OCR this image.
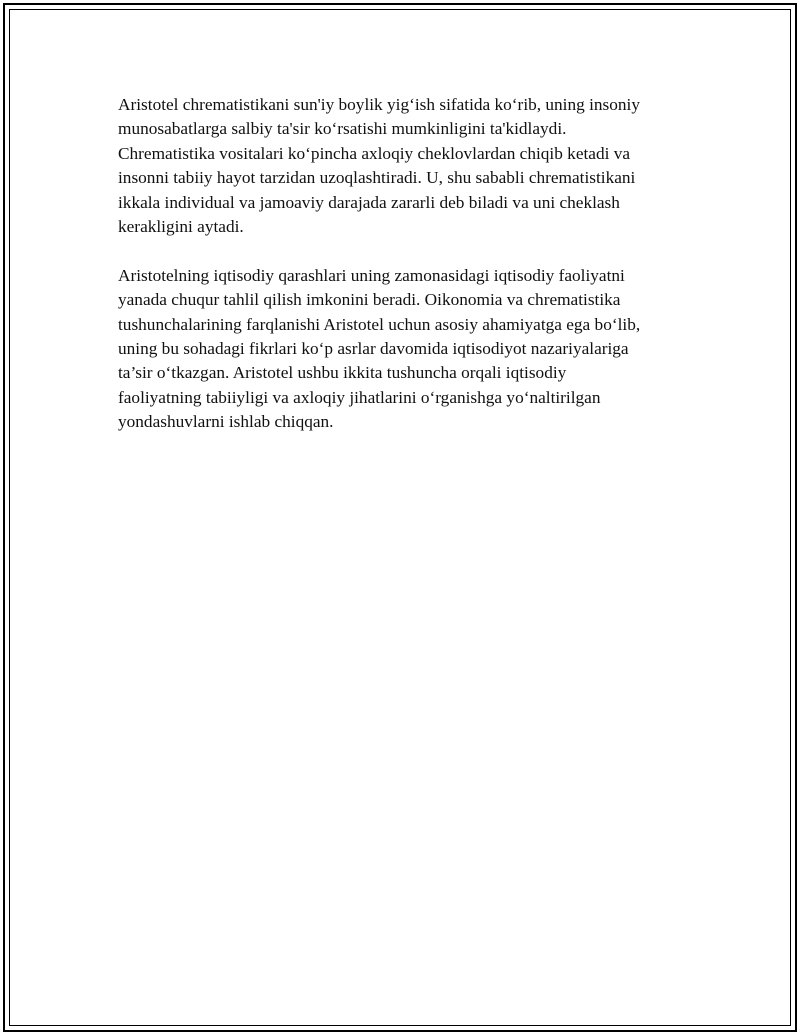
Aristotel chrematistikani sun'iy boylik yig‘ish sifatida ko‘rib, uning insoniy
munosabatlarga salbiy ta'sir ko‘rsatishi mumkinligini ta'kidlaydi.
Chrematistika vositalari ko‘pincha axloqiy cheklovlardan chiqib ketadi va
insonni tabiiy hayot tarzidan uzoqlashtiradi. U, shu sababli chrematistikani
ikkala individual va jamoaviy darajada zararli deb biladi va uni cheklash
kerakligini aytadi.

Aristotelning iqtisodiy qarashlari uning zamonasidagi iqtisodiy faoliyatni
yanada chuqur tahlil qilish imkonini beradi. Oikonomia va chrematistika
tushunchalarining farqlanishi Aristotel uchun asosiy ahamiyatga ega bo‘lib,
uning bu sohadagi fikrlari ko‘p asrlar davomida iqtisodiyot nazariyalariga
ta’sir o‘tkazgan. Aristotel ushbu ikkita tushuncha orqali iqtisodiy
faoliyatning tabiiyligi va axloqiy jihatlarini o‘rganishga yo‘naltirilgan
yondashuvlarni ishlab chiqqan.
